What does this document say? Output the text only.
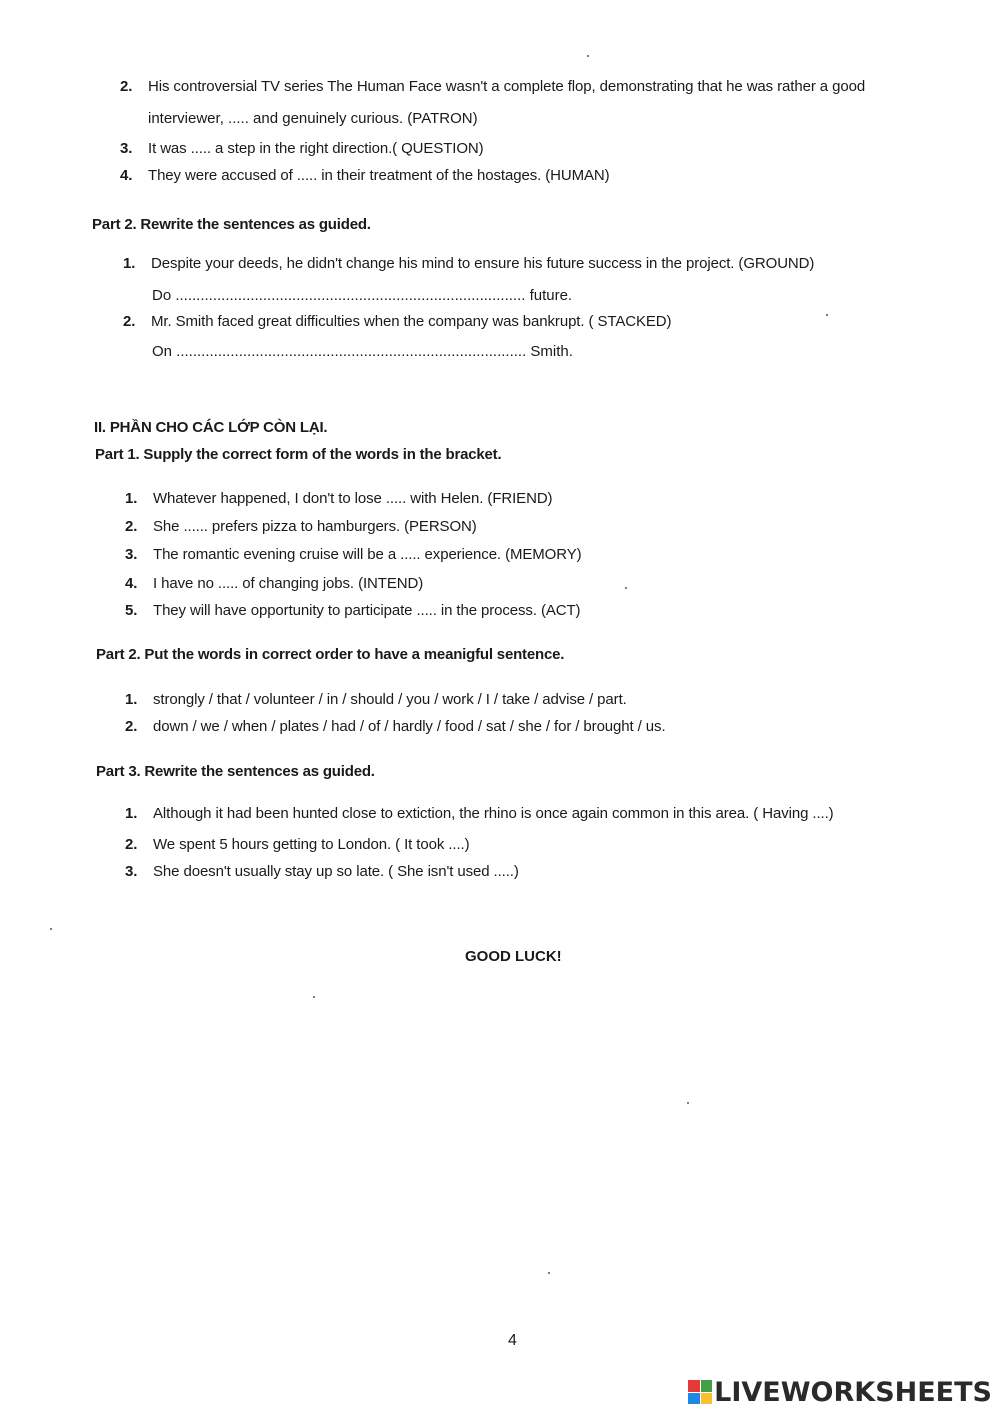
2. His controversial TV series The Human Face wasn't a complete flop, demonstrating that he was rather a good
interviewer, ..... and genuinely curious. (PATRON)
3. It was ..... a step in the right direction.( QUESTION)
4. They were accused of ..... in their treatment of the hostages. (HUMAN)
Part 2. Rewrite the sentences as guided.
1. Despite your deeds, he didn't change his mind to ensure his future success in the project. (GROUND)
Do .................................................................................... future.
2. Mr. Smith faced great difficulties when the company was bankrupt. ( STACKED)
On .................................................................................... Smith.
II. PHẦN CHO CÁC LỚP CÒN LẠI.
Part 1. Supply the correct form of the words in the bracket.
1. Whatever happened, I don't to lose ..... with Helen. (FRIEND)
2. She ...... prefers pizza to hamburgers. (PERSON)
3. The romantic evening cruise will be a ..... experience. (MEMORY)
4. I have no ..... of changing jobs. (INTEND)
5. They will have opportunity to participate ..... in the process. (ACT)
Part 2. Put the words in correct order to have a meanigful sentence.
1. strongly / that / volunteer / in / should / you / work / I / take / advise / part.
2. down / we / when / plates / had / of / hardly / food / sat / she / for / brought / us.
Part 3. Rewrite the sentences as guided.
1. Although it had been hunted close to extiction, the rhino is once again common in this area. ( Having ....)
2. We spent 5 hours getting to London. ( It took ....)
3. She doesn't usually stay up so late. ( She isn't used .....)
GOOD LUCK!
4
LIVEWORKSHEETS
